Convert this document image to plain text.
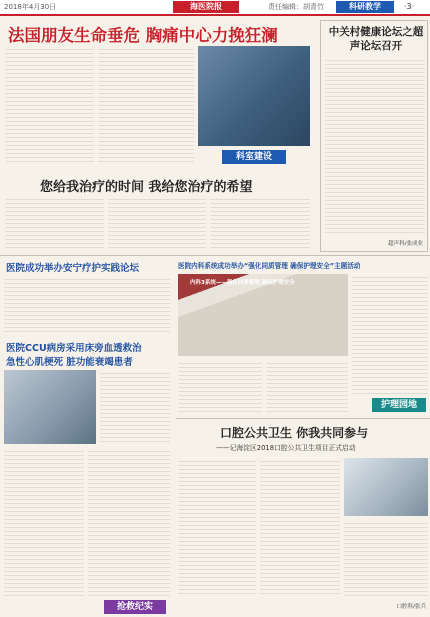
2018年4月30日	海医院报	责任编辑：胡青竹	科研教学	·3·
法国朋友生命垂危 胸痛中心力挽狂澜
科室建设
中关村健康论坛之超声论坛召开
超声科/张成业
您给我治疗的时间 我给您治疗的希望
医院成功举办安宁疗护实践论坛	医院内科系统成功举办“强化同质管理 确保护理安全”主题活动
内科3系统——强化同质管理 确保护理安全
护理园地
医院CCU病房采用床旁血透救治
急性心肌梗死 脏功能衰竭患者
抢救纪实
口腔公共卫生 你我共同参与
——记海淀区2018口腔公共卫生项目正式启动
口腔科/张兵
